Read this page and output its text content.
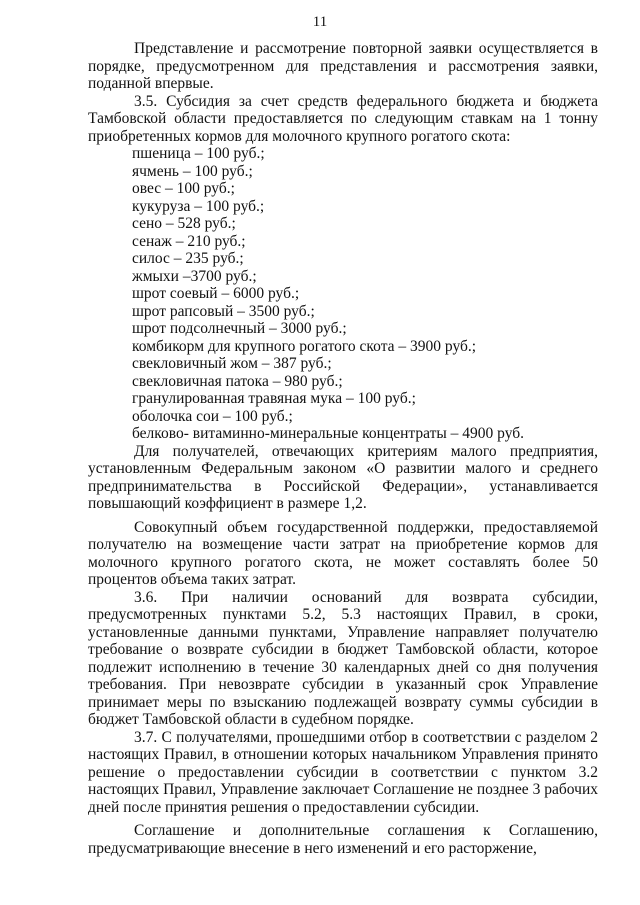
11

Представление и рассмотрение повторной заявки осуществляется в порядке, предусмотренном для представления и рассмотрения заявки, поданной впервые.

3.5. Субсидия за счет средств федерального бюджета и бюджета Тамбовской области предоставляется по следующим ставкам на 1 тонну приобретенных кормов для молочного крупного рогатого скота:

пшеница – 100 руб.;
ячмень – 100 руб.;
овес – 100 руб.;
кукуруза – 100 руб.;
сено – 528 руб.;
сенаж – 210 руб.;
силос – 235 руб.;
жмыхи –3700 руб.;
шрот соевый – 6000 руб.;
шрот рапсовый – 3500 руб.;
шрот подсолнечный – 3000 руб.;
комбикорм для крупного рогатого скота – 3900 руб.;
свекловичный жом – 387 руб.;
свекловичная патока – 980 руб.;
гранулированная травяная мука – 100 руб.;
оболочка сои – 100 руб.;
белково- витаминно-минеральные концентраты – 4900 руб.

Для получателей, отвечающих критериям малого предприятия, установленным Федеральным законом «О развитии малого и среднего предпринимательства в Российской Федерации», устанавливается повышающий коэффициент в размере 1,2.

Совокупный объем государственной поддержки, предоставляемой получателю на возмещение части затрат на приобретение кормов для молочного крупного рогатого скота, не может составлять более 50 процентов объема таких затрат.

3.6. При наличии оснований для возврата субсидии, предусмотренных пунктами 5.2, 5.3 настоящих Правил, в сроки, установленные данными пунктами, Управление направляет получателю требование о возврате субсидии в бюджет Тамбовской области, которое подлежит исполнению в течение 30 календарных дней со дня получения требования. При невозврате субсидии в указанный срок Управление принимает меры по взысканию подлежащей возврату суммы субсидии в бюджет Тамбовской области в судебном порядке.

3.7. С получателями, прошедшими отбор в соответствии с разделом 2 настоящих Правил, в отношении которых начальником Управления принято решение о предоставлении субсидии в соответствии с пунктом 3.2 настоящих Правил, Управление заключает Соглашение не позднее 3 рабочих дней после принятия решения о предоставлении субсидии.

Соглашение и дополнительные соглашения к Соглашению, предусматривающие внесение в него изменений и его расторжение,
